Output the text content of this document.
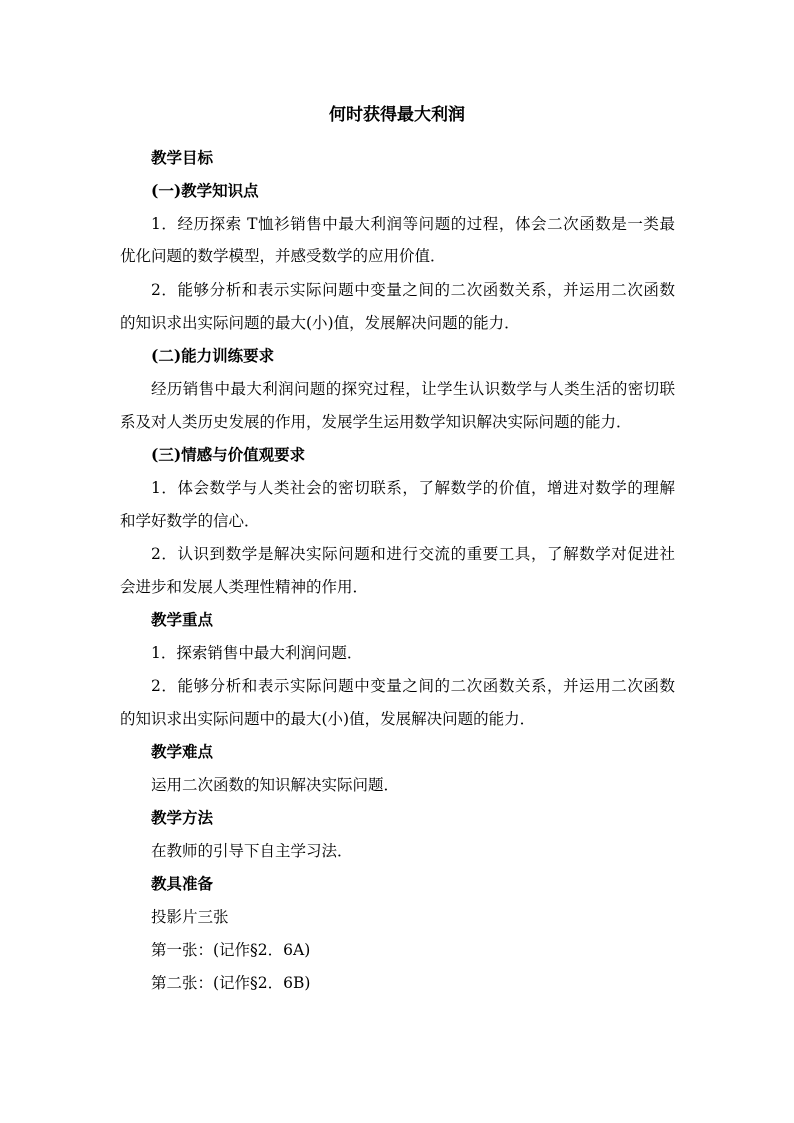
何时获得最大利润
教学目标
(一)教学知识点
1．经历探索 T恤衫销售中最大利润等问题的过程，体会二次函数是一类最
优化问题的数学模型，并感受数学的应用价值．
2．能够分析和表示实际问题中变量之间的二次函数关系，并运用二次函数
的知识求出实际问题的最大(小)值，发展解决问题的能力．
(二)能力训练要求
经历销售中最大利润问题的探究过程，让学生认识数学与人类生活的密切联
系及对人类历史发展的作用，发展学生运用数学知识解决实际问题的能力．
(三)情感与价值观要求
1．体会数学与人类社会的密切联系，了解数学的价值，增进对数学的理解
和学好数学的信心．
2．认识到数学是解决实际问题和进行交流的重要工具，了解数学对促进社
会进步和发展人类理性精神的作用．
教学重点
1．探索销售中最大利润问题．
2．能够分析和表示实际问题中变量之间的二次函数关系，并运用二次函数
的知识求出实际问题中的最大(小)值，发展解决问题的能力．
教学难点
运用二次函数的知识解决实际问题．
教学方法
在教师的引导下自主学习法．
教具准备
投影片三张
第一张：(记作§2．6A)
第二张：(记作§2．6B)
